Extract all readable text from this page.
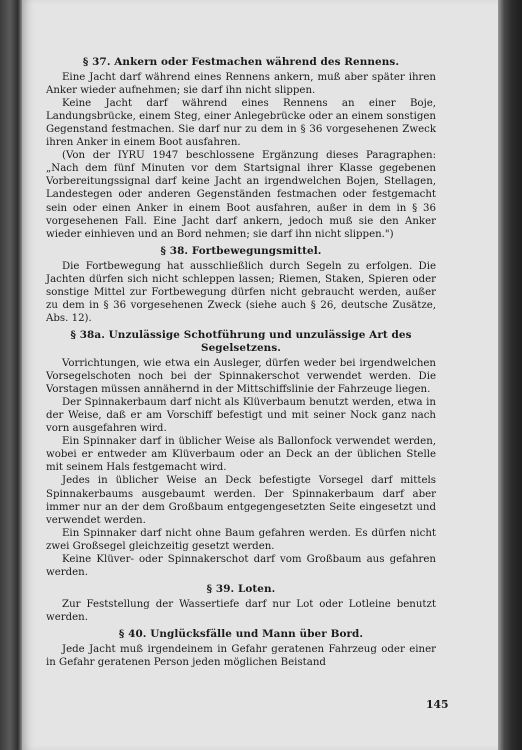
§ 37. Ankern oder Festmachen während des Rennens.

Eine Jacht darf während eines Rennens ankern, muß aber später ihren Anker wieder aufnehmen; sie darf ihn nicht slippen.

Keine Jacht darf während eines Rennens an einer Boje, Landungsbrücke, einem Steg, einer Anlegebrücke oder an einem sonstigen Gegenstand festmachen. Sie darf nur zu dem in § 36 vorgesehenen Zweck ihren Anker in einem Boot ausfahren.

(Von der IYRU 1947 beschlossene Ergänzung dieses Paragraphen: „Nach dem fünf Minuten vor dem Startsignal ihrer Klasse gegebenen Vorbereitungssignal darf keine Jacht an irgendwelchen Bojen, Stellagen, Landestegen oder anderen Gegenständen festmachen oder festgemacht sein oder einen Anker in einem Boot ausfahren, außer in dem in § 36 vorgesehenen Fall. Eine Jacht darf ankern, jedoch muß sie den Anker wieder einhieven und an Bord nehmen; sie darf ihn nicht slippen.")

§ 38. Fortbewegungsmittel.

Die Fortbewegung hat ausschließlich durch Segeln zu erfolgen. Die Jachten dürfen sich nicht schleppen lassen; Riemen, Staken, Spieren oder sonstige Mittel zur Fortbewegung dürfen nicht gebraucht werden, außer zu dem in § 36 vorgesehenen Zweck (siehe auch § 26, deutsche Zusätze, Abs. 12).

§ 38a. Unzulässige Schotführung und unzulässige Art des Segelsetzens.

Vorrichtungen, wie etwa ein Ausleger, dürfen weder bei irgendwelchen Vorsegelschoten noch bei der Spinnakerschot verwendet werden. Die Vorstagen müssen annähernd in der Mittschiffslinie der Fahrzeuge liegen.

Der Spinnakerbaum darf nicht als Klüverbaum benutzt werden, etwa in der Weise, daß er am Vorschiff befestigt und mit seiner Nock ganz nach vorn ausgefahren wird.

Ein Spinnaker darf in üblicher Weise als Ballonfock verwendet werden, wobei er entweder am Klüverbaum oder an Deck an der üblichen Stelle mit seinem Hals festgemacht wird.

Jedes in üblicher Weise an Deck befestigte Vorsegel darf mittels Spinnakerbaums ausgebaumt werden. Der Spinnakerbaum darf aber immer nur an der dem Großbaum entgegengesetzten Seite eingesetzt und verwendet werden.

Ein Spinnaker darf nicht ohne Baum gefahren werden. Es dürfen nicht zwei Großsegel gleichzeitig gesetzt werden.

Keine Klüver- oder Spinnakerschot darf vom Großbaum aus gefahren werden.

§ 39. Loten.

Zur Feststellung der Wassertiefe darf nur Lot oder Lotleine benutzt werden.

§ 40. Unglücksfälle und Mann über Bord.

Jede Jacht muß irgendeinem in Gefahr geratenen Fahrzeug oder einer in Gefahr geratenen Person jeden möglichen Beistand

145
